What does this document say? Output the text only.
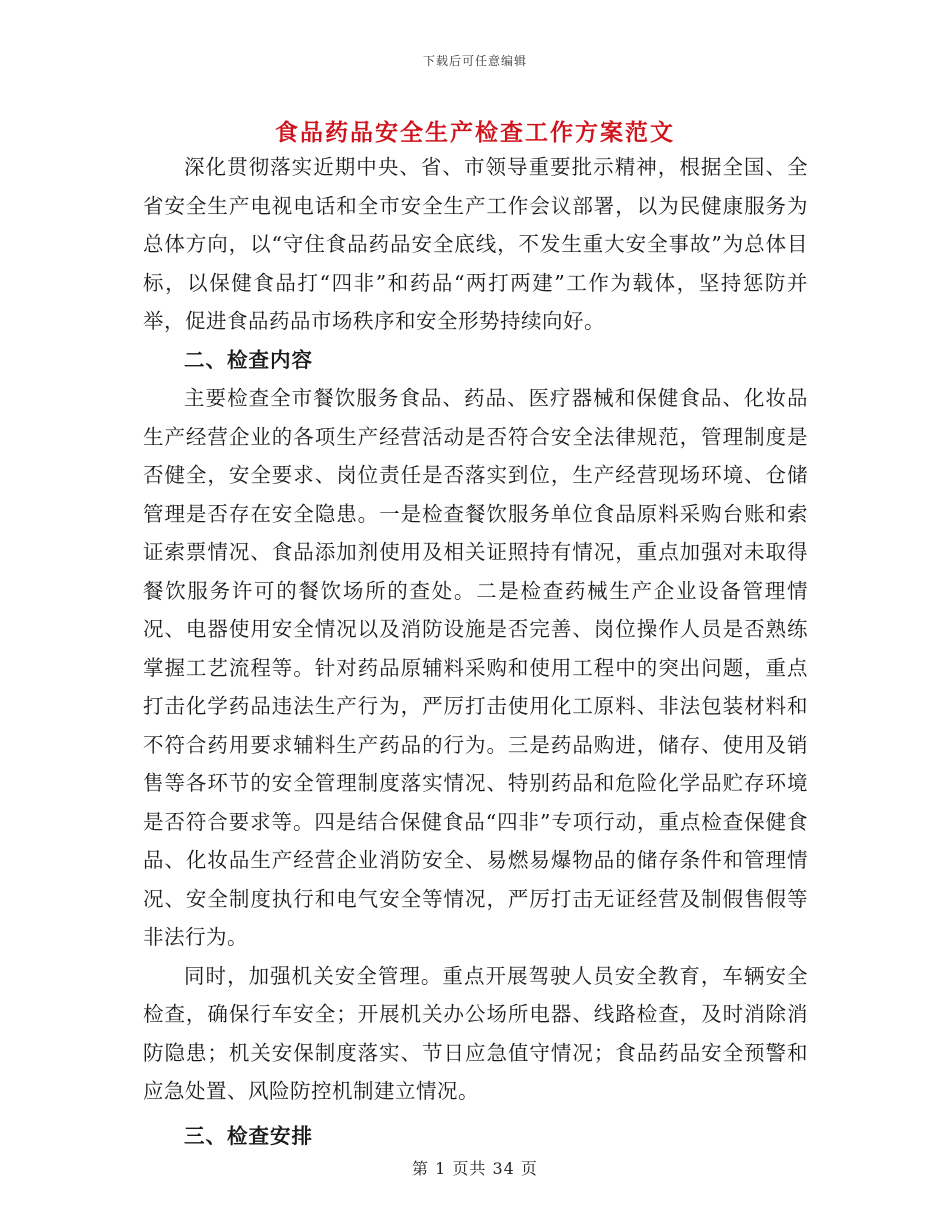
下载后可任意编辑
食品药品安全生产检查工作方案范文

深化贯彻落实近期中央、省、市领导重要批示精神，根据全国、全省安全生产电视电话和全市安全生产工作会议部署，以为民健康服务为总体方向，以“守住食品药品安全底线，不发生重大安全事故”为总体目标，以保健食品打“四非”和药品“两打两建”工作为载体，坚持惩防并举，促进食品药品市场秩序和安全形势持续向好。

二、检查内容

主要检查全市餐饮服务食品、药品、医疗器械和保健食品、化妆品生产经营企业的各项生产经营活动是否符合安全法律规范，管理制度是否健全，安全要求、岗位责任是否落实到位，生产经营现场环境、仓储管理是否存在安全隐患。一是检查餐饮服务单位食品原料采购台账和索证索票情况、食品添加剂使用及相关证照持有情况，重点加强对未取得餐饮服务许可的餐饮场所的查处。二是检查药械生产企业设备管理情况、电器使用安全情况以及消防设施是否完善、岗位操作人员是否熟练掌握工艺流程等。针对药品原辅料采购和使用工程中的突出问题，重点打击化学药品违法生产行为，严厉打击使用化工原料、非法包装材料和不符合药用要求辅料生产药品的行为。三是药品购进，储存、使用及销售等各环节的安全管理制度落实情况、特别药品和危险化学品贮存环境是否符合要求等。四是结合保健食品“四非”专项行动，重点检查保健食品、化妆品生产经营企业消防安全、易燃易爆物品的储存条件和管理情况、安全制度执行和电气安全等情况，严厉打击无证经营及制假售假等非法行为。

同时，加强机关安全管理。重点开展驾驶人员安全教育，车辆安全检查，确保行车安全；开展机关办公场所电器、线路检查，及时消除消防隐患；机关安保制度落实、节日应急值守情况；食品药品安全预警和应急处置、风险防控机制建立情况。

三、检查安排

第 1 页共 34 页
